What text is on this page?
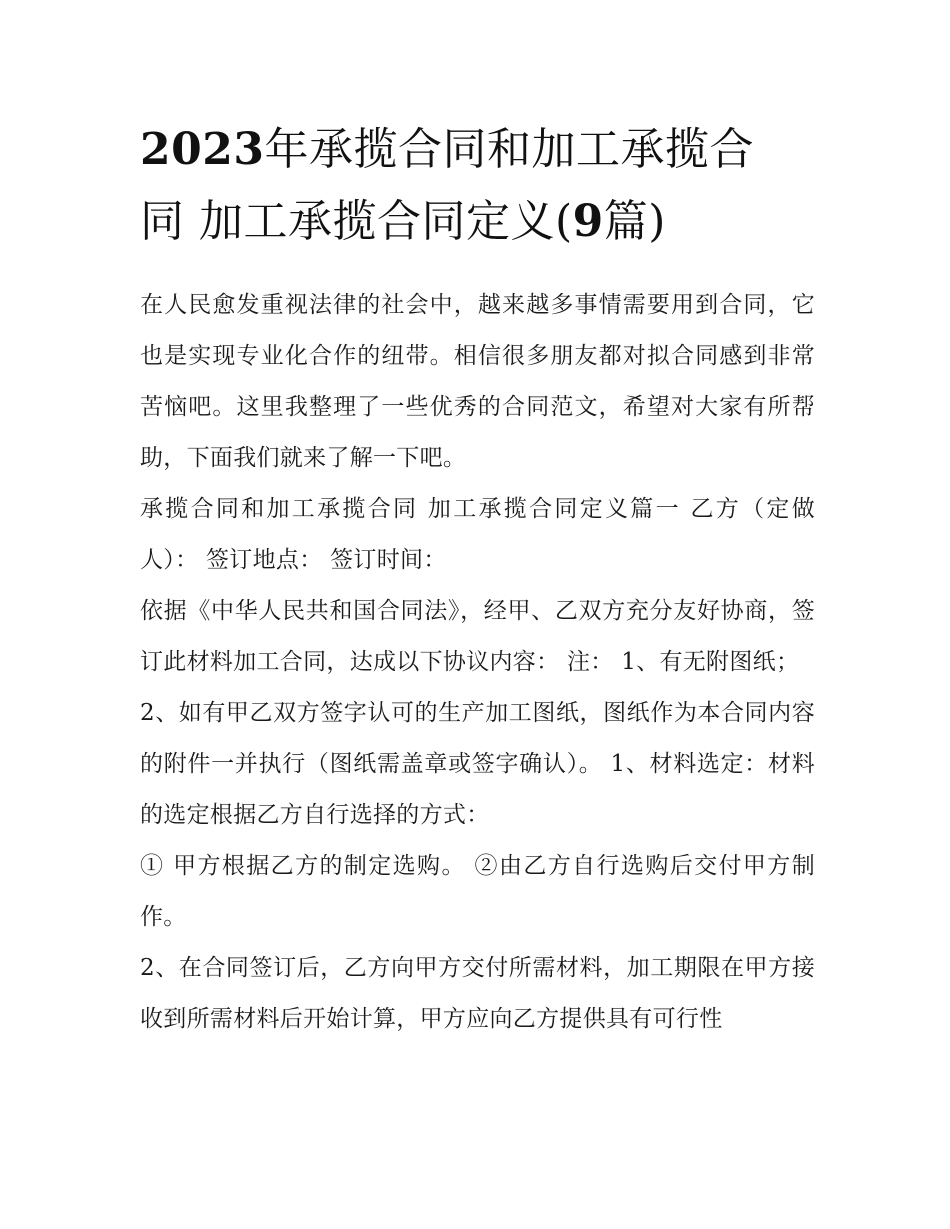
2023年承揽合同和加工承揽合
同 加工承揽合同定义(9篇)

在人民愈发重视法律的社会中，越来越多事情需要用到合同，它也是实现专业化合作的纽带。相信很多朋友都对拟合同感到非常苦恼吧。这里我整理了一些优秀的合同范文，希望对大家有所帮助，下面我们就来了解一下吧。

承揽合同和加工承揽合同 加工承揽合同定义篇一 乙方（定做人）： 签订地点： 签订时间：

依据《中华人民共和国合同法》，经甲、乙双方充分友好协商，签订此材料加工合同，达成以下协议内容： 注： 1、有无附图纸；

2、如有甲乙双方签字认可的生产加工图纸，图纸作为本合同内容的附件一并执行（图纸需盖章或签字确认）。 1、材料选定：材料的选定根据乙方自行选择的方式：

① 甲方根据乙方的制定选购。 ②由乙方自行选购后交付甲方制作。

2、在合同签订后，乙方向甲方交付所需材料，加工期限在甲方接收到所需材料后开始计算，甲方应向乙方提供具有可行性
